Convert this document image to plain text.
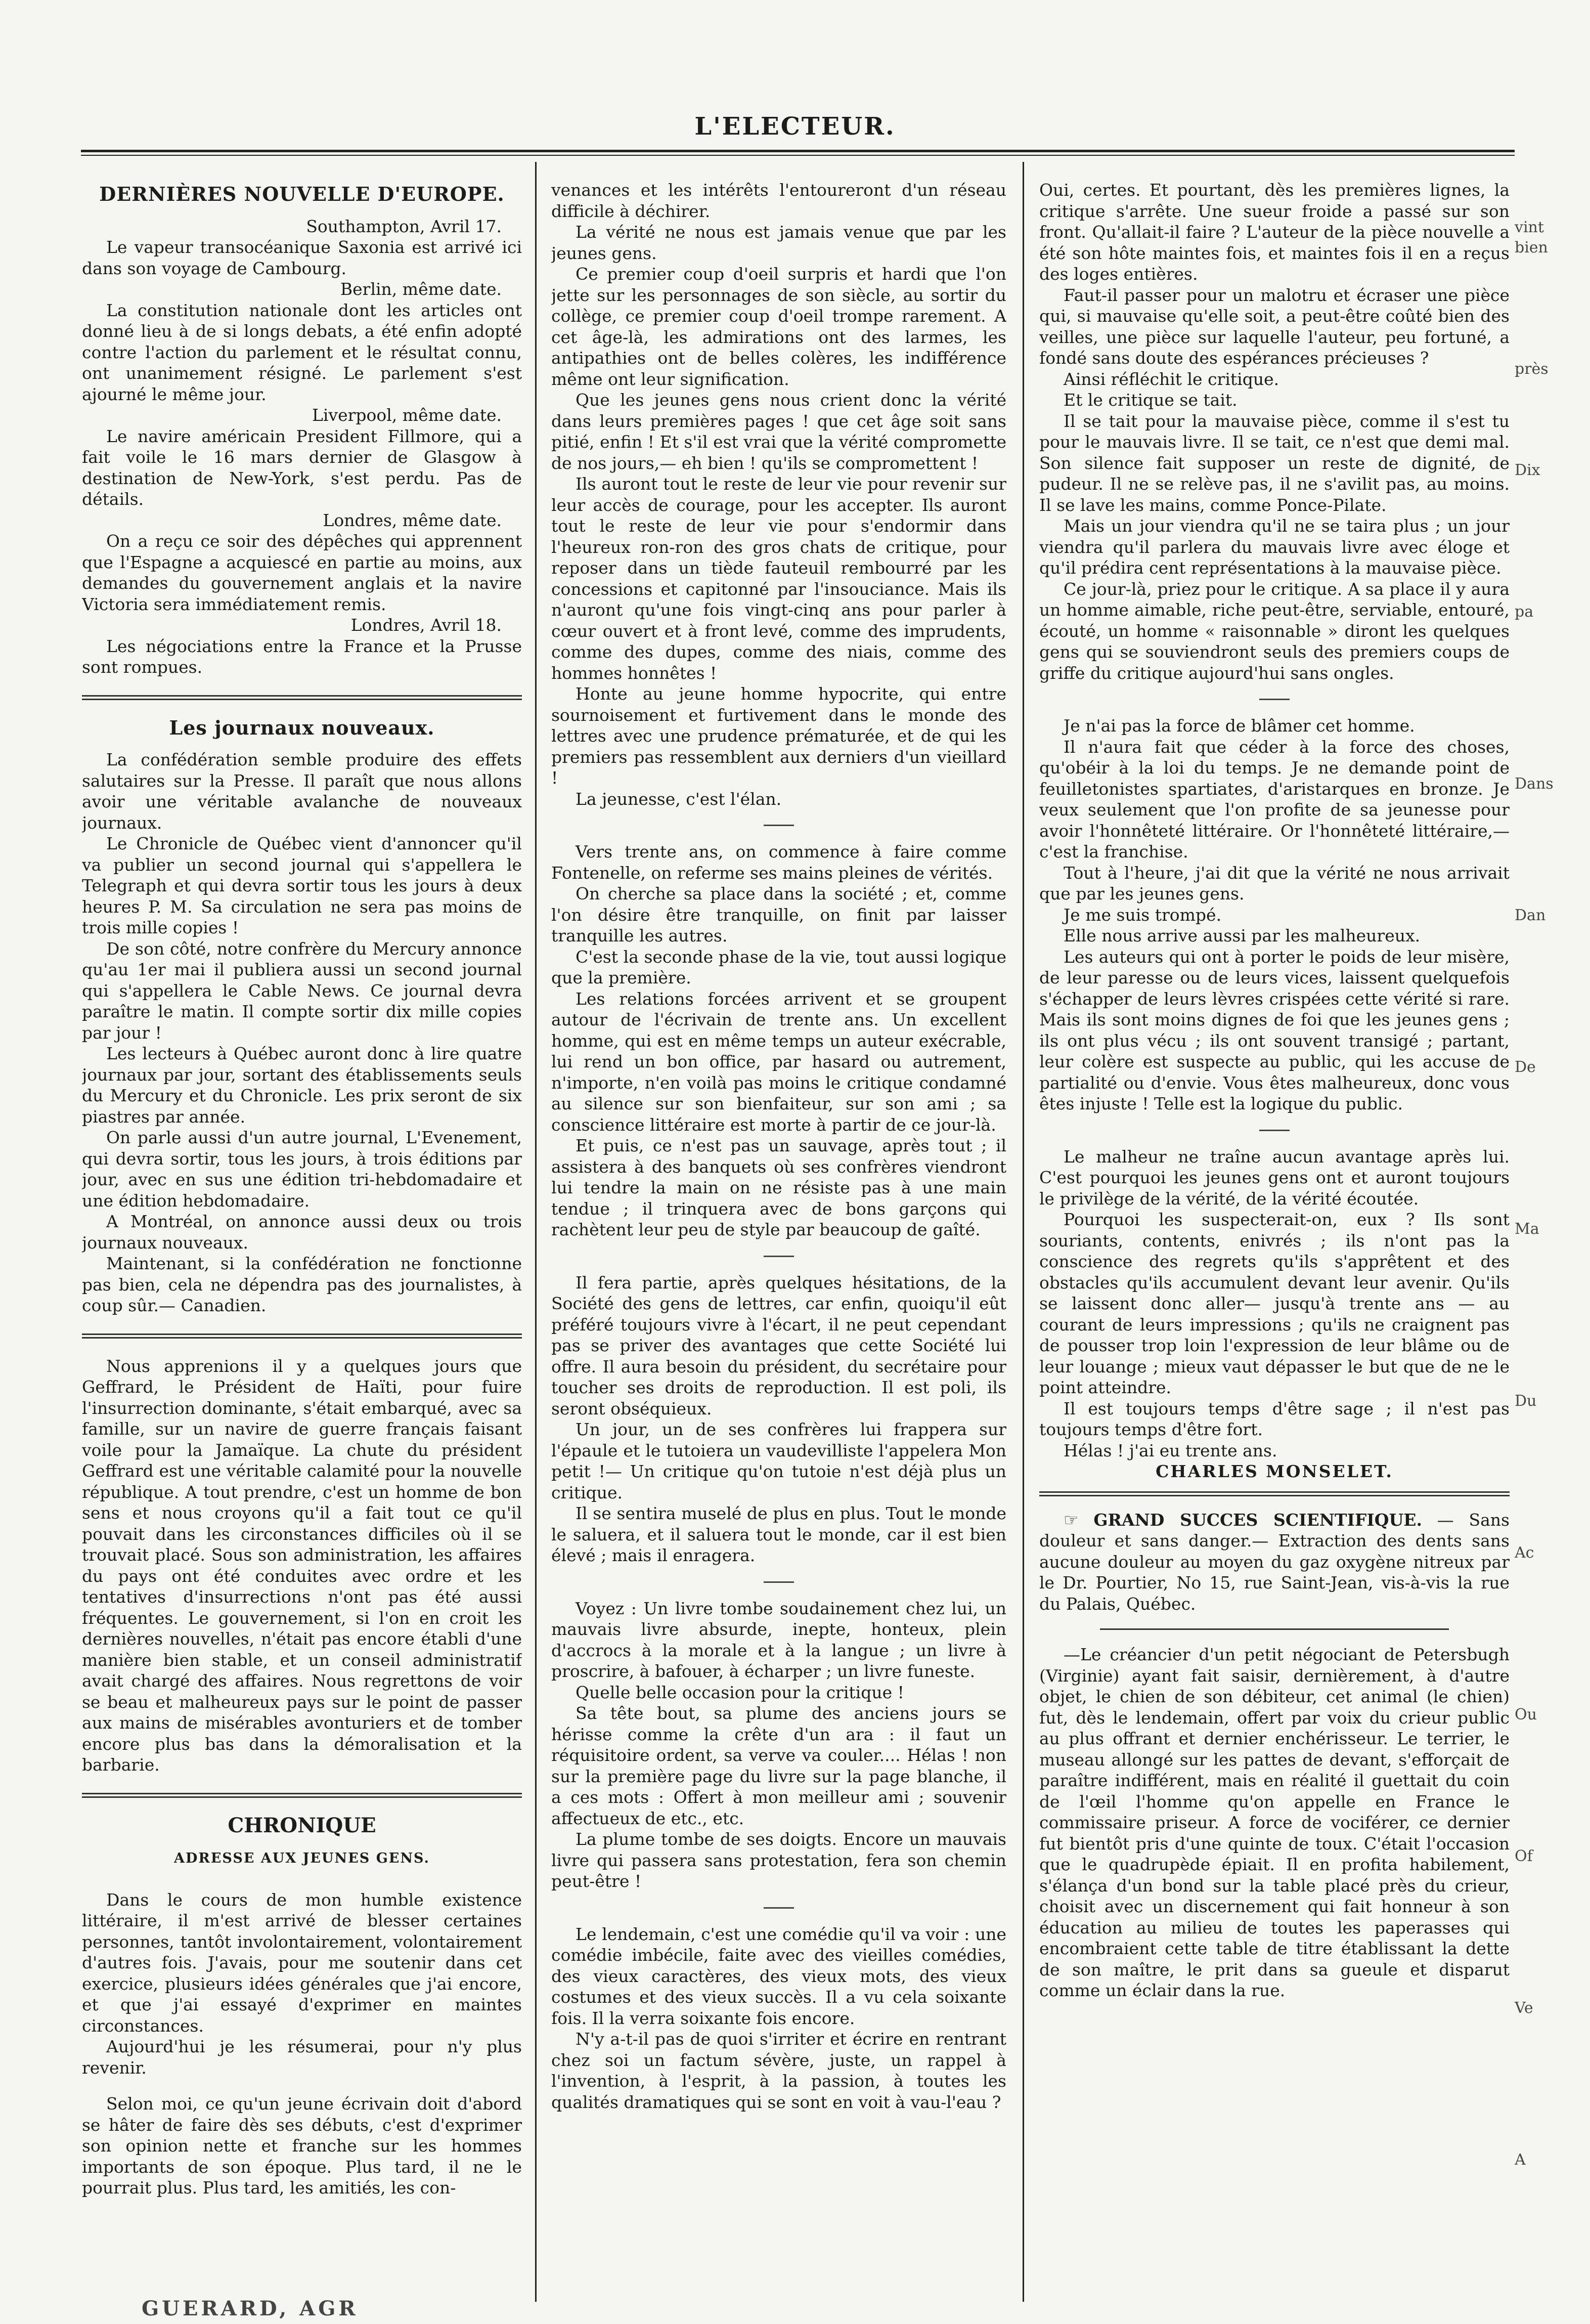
L'ELECTEUR.
DERNIÈRES NOUVELLE D'EUROPE.

Southampton, Avril 17.

Le vapeur transocéanique Saxonia est arrivé ici dans son voyage de Cambourg.

Berlin, même date.

La constitution nationale dont les articles ont donné lieu à de si longs debats, a été enfin adopté contre l'action du parlement et le résultat connu, ont unanimement résigné. Le parlement s'est ajourné le même jour.

Liverpool, même date.

Le navire américain President Fillmore, qui a fait voile le 16 mars dernier de Glasgow à destination de New-York, s'est perdu. Pas de détails.

Londres, même date.

On a reçu ce soir des dépêches qui apprennent que l'Espagne a acquiescé en partie au moins, aux demandes du gouvernement anglais et la navire Victoria sera immédiatement remis.

Londres, Avril 18.

Les négociations entre la France et la Prusse sont rompues.

Les journaux nouveaux.

La confédération semble produire des effets salutaires sur la Presse. Il paraît que nous allons avoir une véritable avalanche de nouveaux journaux.

Le Chronicle de Québec vient d'annoncer qu'il va publier un second journal qui s'appellera le Telegraph et qui devra sortir tous les jours à deux heures P. M. Sa circulation ne sera pas moins de trois mille copies !

De son côté, notre confrère du Mercury annonce qu'au 1er mai il publiera aussi un second journal qui s'appellera le Cable News. Ce journal devra paraître le matin. Il compte sortir dix mille copies par jour !

Les lecteurs à Québec auront donc à lire quatre journaux par jour, sortant des établissements seuls du Mercury et du Chronicle. Les prix seront de six piastres par année.

On parle aussi d'un autre journal, L'Evenement, qui devra sortir, tous les jours, à trois éditions par jour, avec en sus une édition tri-hebdomadaire et une édition hebdomadaire.

A Montréal, on annonce aussi deux ou trois journaux nouveaux.

Maintenant, si la confédération ne fonctionne pas bien, cela ne dépendra pas des journalistes, à coup sûr.— Canadien.

Nous apprenions il y a quelques jours que Geffrard, le Président de Haïti, pour fuire l'insurrection dominante, s'était embarqué, avec sa famille, sur un navire de guerre français faisant voile pour la Jamaïque. La chute du président Geffrard est une véritable calamité pour la nouvelle république. A tout prendre, c'est un homme de bon sens et nous croyons qu'il a fait tout ce qu'il pouvait dans les circonstances difficiles où il se trouvait placé. Sous son administration, les affaires du pays ont été conduites avec ordre et les tentatives d'insurrections n'ont pas été aussi fréquentes. Le gouvernement, si l'on en croit les dernières nouvelles, n'était pas encore établi d'une manière bien stable, et un conseil administratif avait chargé des affaires. Nous regrettons de voir se beau et malheureux pays sur le point de passer aux mains de misérables avonturiers et de tomber encore plus bas dans la démoralisation et la barbarie.

CHRONIQUE
ADRESSE AUX JEUNES GENS.

Dans le cours de mon humble existence littéraire, il m'est arrivé de blesser certaines personnes, tantôt involontairement, volontairement d'autres fois. J'avais, pour me soutenir dans cet exercice, plusieurs idées générales que j'ai encore, et que j'ai essayé d'exprimer en maintes circonstances.

Aujourd'hui je les résumerai, pour n'y plus revenir.

Selon moi, ce qu'un jeune écrivain doit d'abord se hâter de faire dès ses débuts, c'est d'exprimer son opinion nette et franche sur les hommes importants de son époque. Plus tard, il ne le pourrait plus. Plus tard, les amitiés, les con-

venances et les intérêts l'entoureront d'un réseau difficile à déchirer.

La vérité ne nous est jamais venue que par les jeunes gens.

Ce premier coup d'oeil surpris et hardi que l'on jette sur les personnages de son siècle, au sortir du collège, ce premier coup d'oeil trompe rarement. A cet âge-là, les admirations ont des larmes, les antipathies ont de belles colères, les indifférence même ont leur signification.

Que les jeunes gens nous crient donc la vérité dans leurs premières pages ! que cet âge soit sans pitié, enfin ! Et s'il est vrai que la vérité compromette de nos jours,— eh bien ! qu'ils se compromettent !

Ils auront tout le reste de leur vie pour revenir sur leur accès de courage, pour les accepter. Ils auront tout le reste de leur vie pour s'endormir dans l'heureux ron-ron des gros chats de critique, pour reposer dans un tiède fauteuil rembourré par les concessions et capitonné par l'insouciance. Mais ils n'auront qu'une fois vingt-cinq ans pour parler à cœur ouvert et à front levé, comme des imprudents, comme des dupes, comme des niais, comme des hommes honnêtes !

Honte au jeune homme hypocrite, qui entre sournoisement et furtivement dans le monde des lettres avec une prudence prématurée, et de qui les premiers pas ressemblent aux derniers d'un vieillard !

La jeunesse, c'est l'élan.

Vers trente ans, on commence à faire comme Fontenelle, on referme ses mains pleines de vérités.

On cherche sa place dans la société ; et, comme l'on désire être tranquille, on finit par laisser tranquille les autres.

C'est la seconde phase de la vie, tout aussi logique que la première.

Les relations forcées arrivent et se groupent autour de l'écrivain de trente ans. Un excellent homme, qui est en même temps un auteur exécrable, lui rend un bon office, par hasard ou autrement, n'importe, n'en voilà pas moins le critique condamné au silence sur son bienfaiteur, sur son ami ; sa conscience littéraire est morte à partir de ce jour-là.

Et puis, ce n'est pas un sauvage, après tout ; il assistera à des banquets où ses confrères viendront lui tendre la main on ne résiste pas à une main tendue ; il trinquera avec de bons garçons qui rachètent leur peu de style par beaucoup de gaîté.

Il fera partie, après quelques hésitations, de la Société des gens de lettres, car enfin, quoiqu'il eût préféré toujours vivre à l'écart, il ne peut cependant pas se priver des avantages que cette Société lui offre. Il aura besoin du président, du secrétaire pour toucher ses droits de reproduction. Il est poli, ils seront obséquieux.

Un jour, un de ses confrères lui frappera sur l'épaule et le tutoiera un vaudevilliste l'appelera Mon petit !— Un critique qu'on tutoie n'est déjà plus un critique.

Il se sentira muselé de plus en plus. Tout le monde le saluera, et il saluera tout le monde, car il est bien élevé ; mais il enragera.

Voyez : Un livre tombe soudainement chez lui, un mauvais livre absurde, inepte, honteux, plein d'accrocs à la morale et à la langue ; un livre à proscrire, à bafouer, à écharper ; un livre funeste.

Quelle belle occasion pour la critique !

Sa tête bout, sa plume des anciens jours se hérisse comme la crête d'un ara : il faut un réquisitoire ordent, sa verve va couler.... Hélas ! non sur la première page du livre sur la page blanche, il a ces mots : Offert à mon meilleur ami ; souvenir affectueux de etc., etc.

La plume tombe de ses doigts. Encore un mauvais livre qui passera sans protestation, fera son chemin peut-être !

Le lendemain, c'est une comédie qu'il va voir : une comédie imbécile, faite avec des vieilles comédies, des vieux caractères, des vieux mots, des vieux costumes et des vieux succès. Il a vu cela soixante fois. Il la verra soixante fois encore.

N'y a-t-il pas de quoi s'irriter et écrire en rentrant chez soi un factum sévère, juste, un rappel à l'invention, à l'esprit, à la passion, à toutes les qualités dramatiques qui se sont en voit à vau-l'eau ?

Oui, certes. Et pourtant, dès les premières lignes, la critique s'arrête. Une sueur froide a passé sur son front. Qu'allait-il faire ? L'auteur de la pièce nouvelle a été son hôte maintes fois, et maintes fois il en a reçus des loges entières.

Faut-il passer pour un malotru et écraser une pièce qui, si mauvaise qu'elle soit, a peut-être coûté bien des veilles, une pièce sur laquelle l'auteur, peu fortuné, a fondé sans doute des espérances précieuses ?

Ainsi réfléchit le critique.

Et le critique se tait.

Il se tait pour la mauvaise pièce, comme il s'est tu pour le mauvais livre. Il se tait, ce n'est que demi mal. Son silence fait supposer un reste de dignité, de pudeur. Il ne se relève pas, il ne s'avilit pas, au moins. Il se lave les mains, comme Ponce-Pilate.

Mais un jour viendra qu'il ne se taira plus ; un jour viendra qu'il parlera du mauvais livre avec éloge et qu'il prédira cent représentations à la mauvaise pièce.

Ce jour-là, priez pour le critique. A sa place il y aura un homme aimable, riche peut-être, serviable, entouré, écouté, un homme « raisonnable » diront les quelques gens qui se souviendront seuls des premiers coups de griffe du critique aujourd'hui sans ongles.

Je n'ai pas la force de blâmer cet homme.

Il n'aura fait que céder à la force des choses, qu'obéir à la loi du temps. Je ne demande point de feuilletonistes spartiates, d'aristarques en bronze. Je veux seulement que l'on profite de sa jeunesse pour avoir l'honnêteté littéraire. Or l'honnêteté littéraire,— c'est la franchise.

Tout à l'heure, j'ai dit que la vérité ne nous arrivait que par les jeunes gens.

Je me suis trompé.

Elle nous arrive aussi par les malheureux.

Les auteurs qui ont à porter le poids de leur misère, de leur paresse ou de leurs vices, laissent quelquefois s'échapper de leurs lèvres crispées cette vérité si rare. Mais ils sont moins dignes de foi que les jeunes gens ; ils ont plus vécu ; ils ont souvent transigé ; partant, leur colère est suspecte au public, qui les accuse de partialité ou d'envie. Vous êtes malheureux, donc vous êtes injuste ! Telle est la logique du public.

Le malheur ne traîne aucun avantage après lui. C'est pourquoi les jeunes gens ont et auront toujours le privilège de la vérité, de la vérité écoutée.

Pourquoi les suspecterait-on, eux ? Ils sont souriants, contents, enivrés ; ils n'ont pas la conscience des regrets qu'ils s'apprêtent et des obstacles qu'ils accumulent devant leur avenir. Qu'ils se laissent donc aller— jusqu'à trente ans — au courant de leurs impressions ; qu'ils ne craignent pas de pousser trop loin l'expression de leur blâme ou de leur louange ; mieux vaut dépasser le but que de ne le point atteindre.

Il est toujours temps d'être sage ; il n'est pas toujours temps d'être fort.

Hélas ! j'ai eu trente ans.

CHARLES MONSELET.

☞ GRAND SUCCES SCIENTIFIQUE. — Sans douleur et sans danger.— Extraction des dents sans aucune douleur au moyen du gaz oxygène nitreux par le Dr. Pourtier, No 15, rue Saint-Jean, vis-à-vis la rue du Palais, Québec.

—Le créancier d'un petit négociant de Petersbugh (Virginie) ayant fait saisir, dernièrement, à d'autre objet, le chien de son débiteur, cet animal (le chien) fut, dès le lendemain, offert par voix du crieur public au plus offrant et dernier enchérisseur. Le terrier, le museau allongé sur les pattes de devant, s'efforçait de paraître indifférent, mais en réalité il guettait du coin de l'œil l'homme qu'on appelle en France le commissaire priseur. A force de vociférer, ce dernier fut bientôt pris d'une quinte de toux. C'était l'occasion que le quadrupède épiait. Il en profita habilement, s'élança d'un bond sur la table placé près du crieur, choisit avec un discernement qui fait honneur à son éducation au milieu de toutes les paperasses qui encombraient cette table de titre établissant la dette de son maître, le prit dans sa gueule et disparut comme un éclair dans la rue.

vint
bien
près
Dix
pa
Dans
Dan
De
Ma
Du
Ac
Ou
Of
Ve
A
GUERARD, AGR
